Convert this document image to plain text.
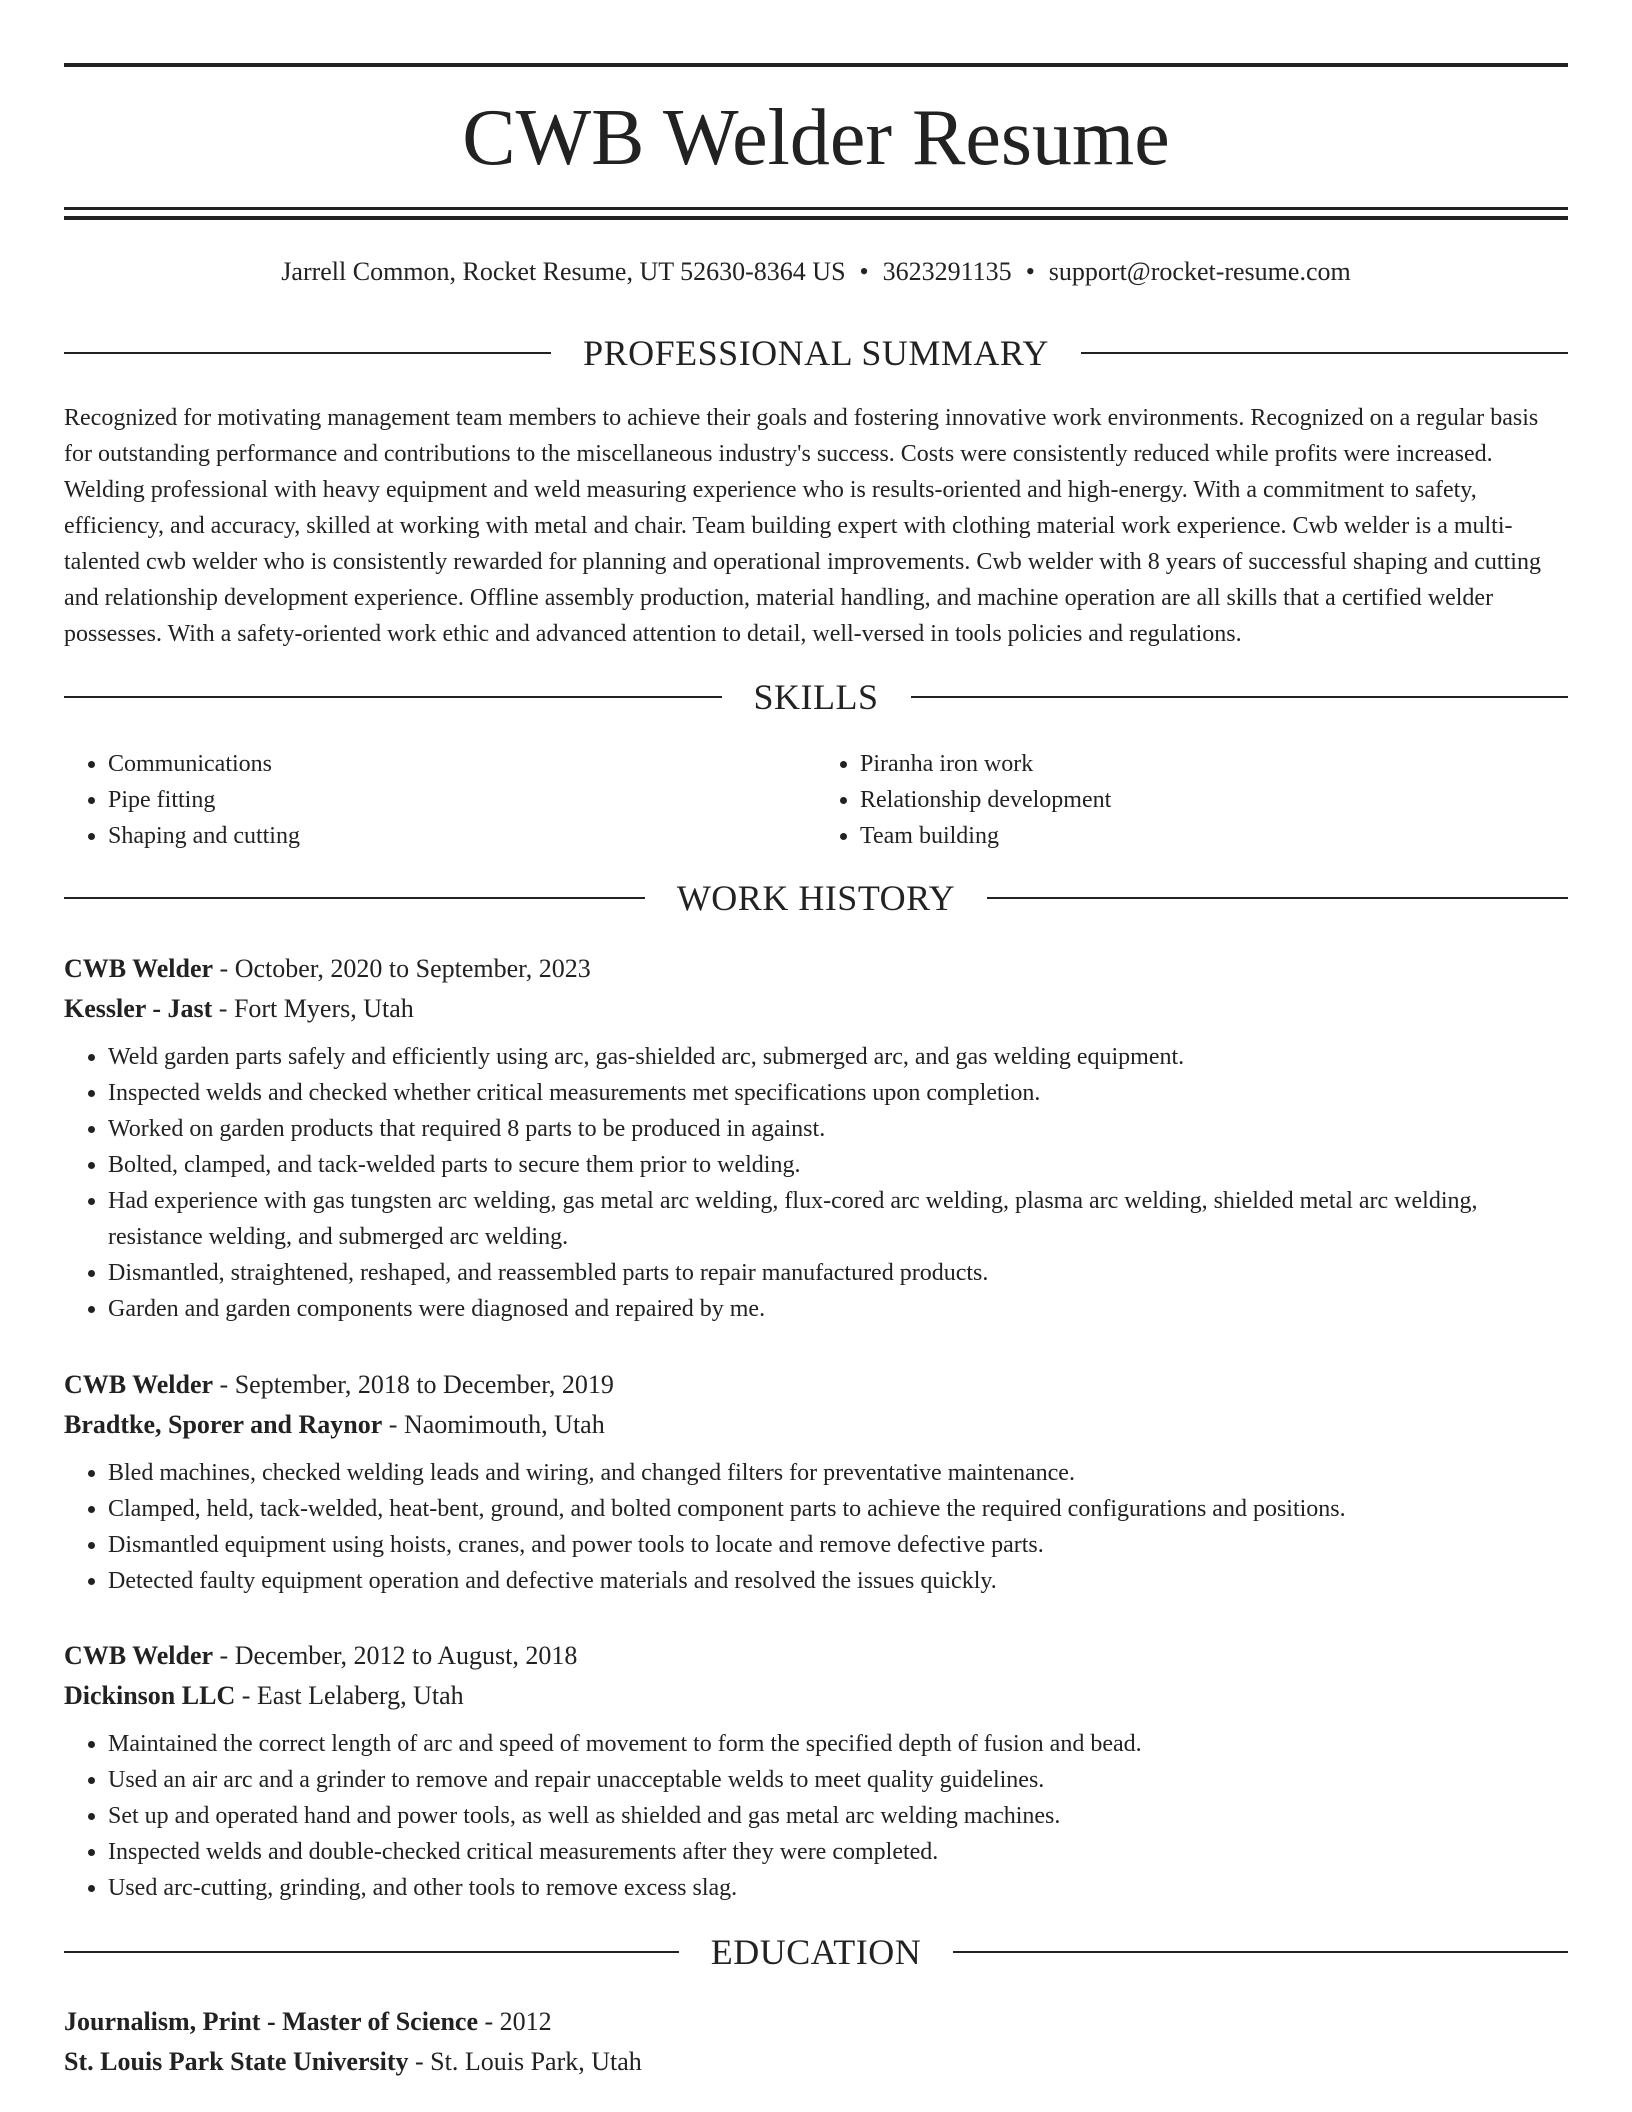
CWB Welder Resume
Jarrell Common, Rocket Resume, UT 52630-8364 US • 3623291135 • support@rocket-resume.com
PROFESSIONAL SUMMARY

Recognized for motivating management team members to achieve their goals and fostering innovative work environments. Recognized on a regular basis for outstanding performance and contributions to the miscellaneous industry's success. Costs were consistently reduced while profits were increased. Welding professional with heavy equipment and weld measuring experience who is results-oriented and high-energy. With a commitment to safety, efficiency, and accuracy, skilled at working with metal and chair. Team building expert with clothing material work experience. Cwb welder is a multi-talented cwb welder who is consistently rewarded for planning and operational improvements. Cwb welder with 8 years of successful shaping and cutting and relationship development experience. Offline assembly production, material handling, and machine operation are all skills that a certified welder possesses. With a safety-oriented work ethic and advanced attention to detail, well-versed in tools policies and regulations.

SKILLS
• Communications
• Pipe fitting
• Shaping and cutting
• Piranha iron work
• Relationship development
• Team building
WORK HISTORY
CWB Welder - October, 2020 to September, 2023
Kessler - Jast - Fort Myers, Utah
• Weld garden parts safely and efficiently using arc, gas-shielded arc, submerged arc, and gas welding equipment.
• Inspected welds and checked whether critical measurements met specifications upon completion.
• Worked on garden products that required 8 parts to be produced in against.
• Bolted, clamped, and tack-welded parts to secure them prior to welding.
• Had experience with gas tungsten arc welding, gas metal arc welding, flux-cored arc welding, plasma arc welding, shielded metal arc welding, resistance welding, and submerged arc welding.
• Dismantled, straightened, reshaped, and reassembled parts to repair manufactured products.
• Garden and garden components were diagnosed and repaired by me.
CWB Welder - September, 2018 to December, 2019
Bradtke, Sporer and Raynor - Naomimouth, Utah
• Bled machines, checked welding leads and wiring, and changed filters for preventative maintenance.
• Clamped, held, tack-welded, heat-bent, ground, and bolted component parts to achieve the required configurations and positions.
• Dismantled equipment using hoists, cranes, and power tools to locate and remove defective parts.
• Detected faulty equipment operation and defective materials and resolved the issues quickly.
CWB Welder - December, 2012 to August, 2018
Dickinson LLC - East Lelaberg, Utah
• Maintained the correct length of arc and speed of movement to form the specified depth of fusion and bead.
• Used an air arc and a grinder to remove and repair unacceptable welds to meet quality guidelines.
• Set up and operated hand and power tools, as well as shielded and gas metal arc welding machines.
• Inspected welds and double-checked critical measurements after they were completed.
• Used arc-cutting, grinding, and other tools to remove excess slag.
EDUCATION
Journalism, Print - Master of Science - 2012
St. Louis Park State University - St. Louis Park, Utah
